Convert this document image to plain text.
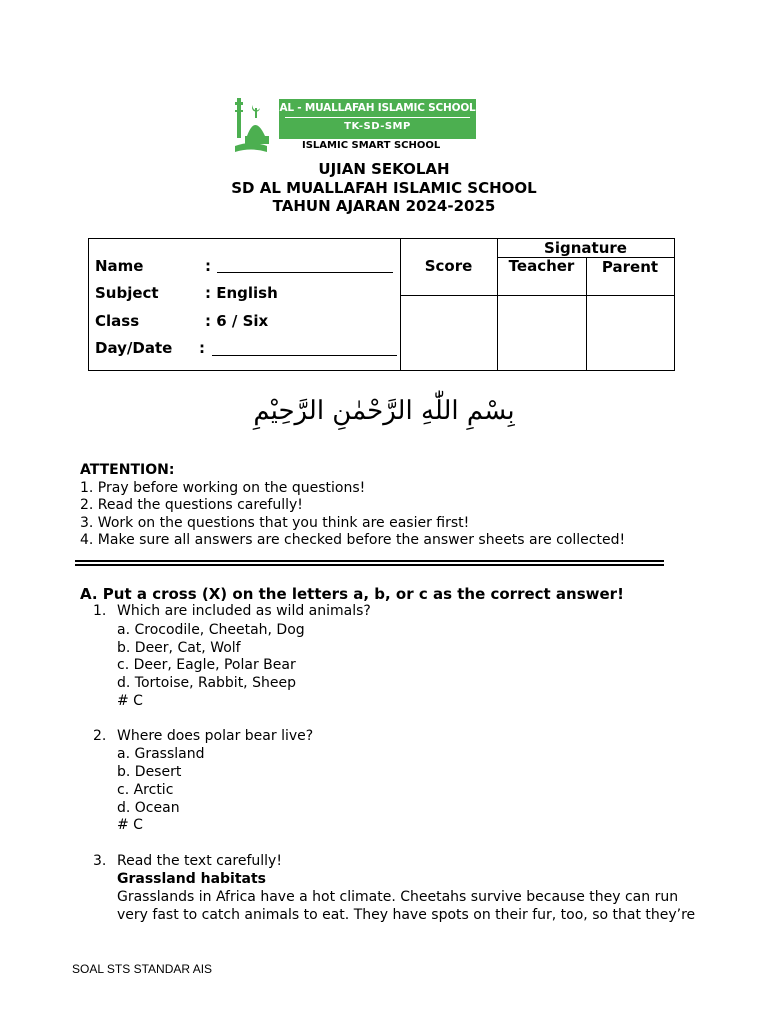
AL - MUALLAFAH ISLAMIC SCHOOL
TK-SD-SMP
ISLAMIC SMART SCHOOL
UJIAN SEKOLAH
SD AL MUALLAFAH ISLAMIC SCHOOL
TAHUN AJARAN 2024-2025
Name	:
Subject	: English
Class	: 6 / Six
Day/Date :
Score
Signature
Teacher	Parent
بِسْمِ اللّٰهِ الرَّحْمٰنِ الرَّحِيْمِ
ATTENTION:
1. Pray before working on the questions!
2. Read the questions carefully!
3. Work on the questions that you think are easier first!
4. Make sure all answers are checked before the answer sheets are collected!
A. Put a cross (X) on the letters a, b, or c as the correct answer!
1. Which are included as wild animals?
a. Crocodile, Cheetah, Dog
b. Deer, Cat, Wolf
c. Deer, Eagle, Polar Bear
d. Tortoise, Rabbit, Sheep
# C
2. Where does polar bear live?
a. Grassland
b. Desert
c. Arctic
d. Ocean
# C
3. Read the text carefully!
Grassland habitats
Grasslands in Africa have a hot climate. Cheetahs survive because they can run
very fast to catch animals to eat. They have spots on their fur, too, so that they’re
SOAL STS STANDAR AIS
